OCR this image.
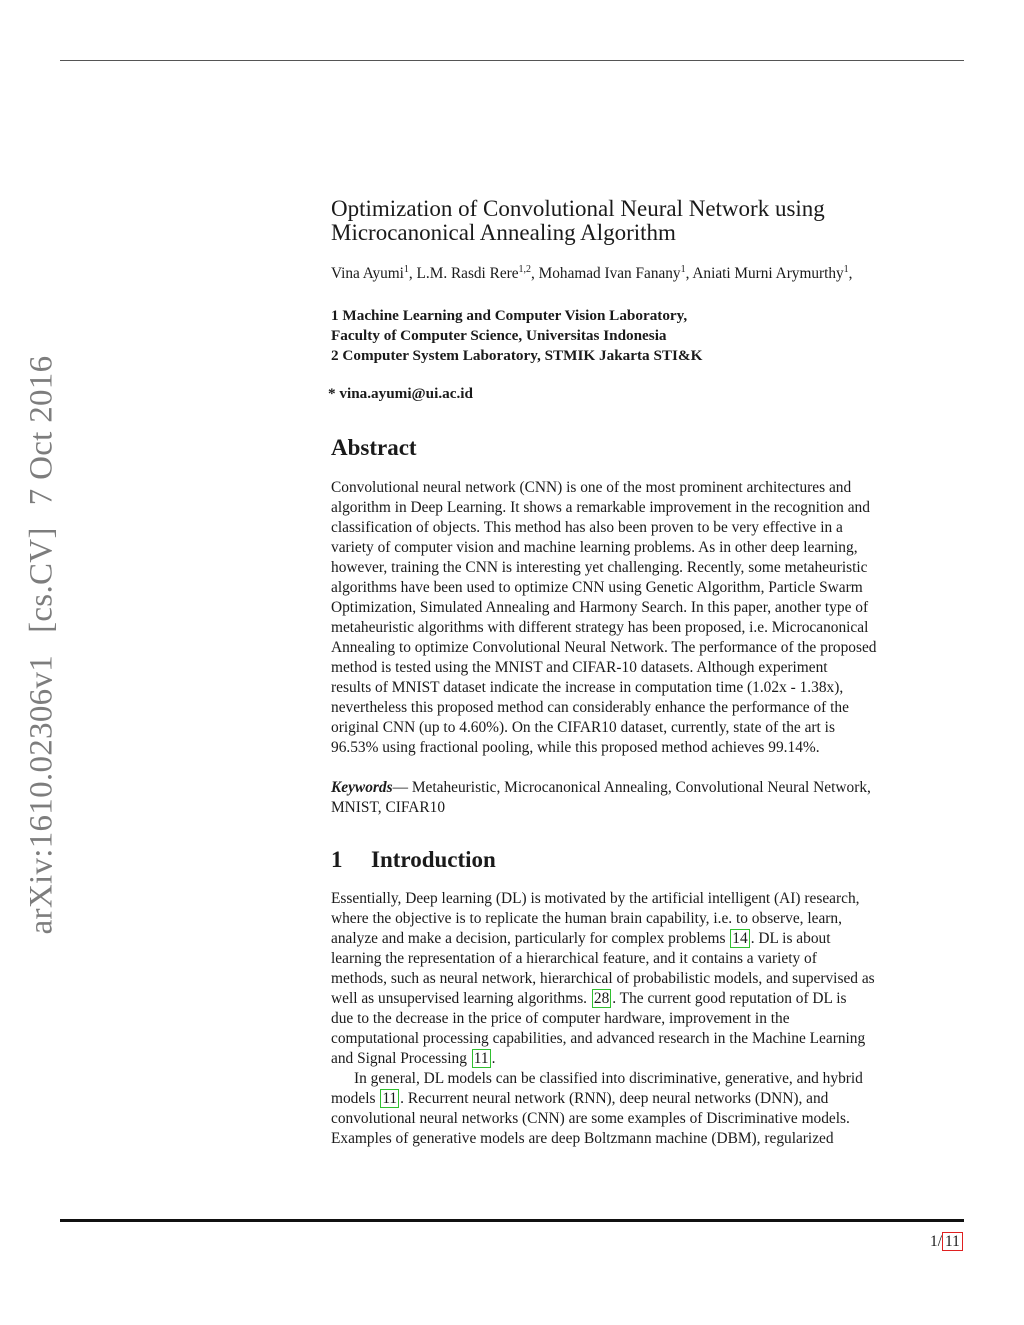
arXiv:1610.02306v1[cs.CV]7 Oct 2016
Optimization of Convolutional Neural Network using
Microcanonical Annealing Algorithm
Vina Ayumi$^1$, L.M. Rasdi Rere$^{1,2}$, Mohamad Ivan Fanany$^1$, Aniati Murni Arymurthy$^1$,
1 Machine Learning and Computer Vision Laboratory,
Faculty of Computer Science, Universitas Indonesia
2 Computer System Laboratory, STMIK Jakarta STI&K
* vina.ayumi@ui.ac.id
Abstract

Convolutional neural network (CNN) is one of the most prominent architectures and
algorithm in Deep Learning. It shows a remarkable improvement in the recognition and
classification of objects. This method has also been proven to be very effective in a
variety of computer vision and machine learning problems. As in other deep learning,
however, training the CNN is interesting yet challenging. Recently, some metaheuristic
algorithms have been used to optimize CNN using Genetic Algorithm, Particle Swarm
Optimization, Simulated Annealing and Harmony Search. In this paper, another type of
metaheuristic algorithms with different strategy has been proposed, i.e. Microcanonical
Annealing to optimize Convolutional Neural Network. The performance of the proposed
method is tested using the MNIST and CIFAR-10 datasets. Although experiment
results of MNIST dataset indicate the increase in computation time (1.02x - 1.38x),
nevertheless this proposed method can considerably enhance the performance of the
original CNN (up to 4.60%). On the CIFAR10 dataset, currently, state of the art is
96.53% using fractional pooling, while this proposed method achieves 99.14%.

Keywords— Metaheuristic, Microcanonical Annealing, Convolutional Neural Network,
MNIST, CIFAR10

1 Introduction

Essentially, Deep learning (DL) is motivated by the artificial intelligent (AI) research,
where the objective is to replicate the human brain capability, i.e. to observe, learn,
analyze and make a decision, particularly for complex problems 14 . DL is about
learning the representation of a hierarchical feature, and it contains a variety of
methods, such as neural network, hierarchical of probabilistic models, and supervised as
well as unsupervised learning algorithms. 28 . The current good reputation of DL is
due to the decrease in the price of computer hardware, improvement in the
computational processing capabilities, and advanced research in the Machine Learning
and Signal Processing 11 .

In general, DL models can be classified into discriminative, generative, and hybrid
models 11 . Recurrent neural network (RNN), deep neural networks (DNN), and
convolutional neural networks (CNN) are some examples of Discriminative models.
Examples of generative models are deep Boltzmann machine (DBM), regularized

1/ 11
